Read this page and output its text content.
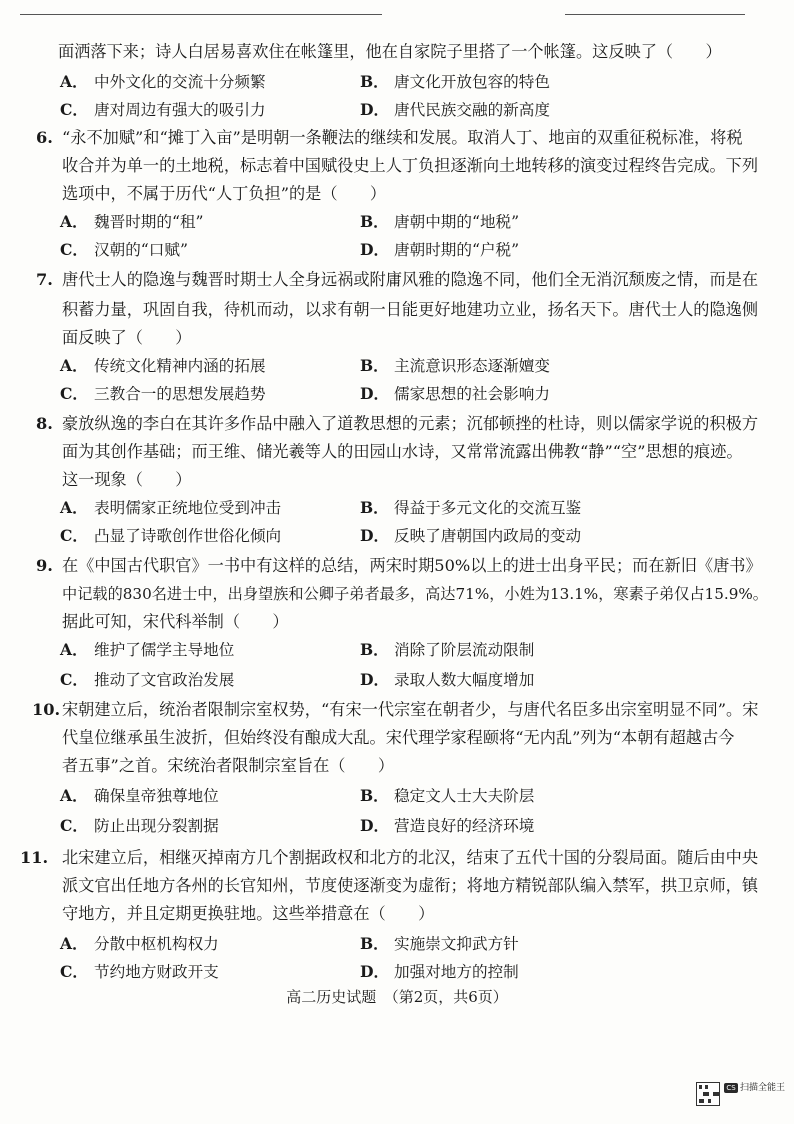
面洒落下来；诗人白居易喜欢住在帐篷里，他在自家院子里搭了一个帐篷。这反映了（　　）
A． 中外文化的交流十分频繁	B． 唐文化开放包容的特色
C． 唐对周边有强大的吸引力	D． 唐代民族交融的新高度
6. “永不加赋”和“摊丁入亩”是明朝一条鞭法的继续和发展。取消人丁、地亩的双重征税标准，将税
收合并为单一的土地税，标志着中国赋役史上人丁负担逐渐向土地转移的演变过程终告完成。下列
选项中，不属于历代“人丁负担”的是（　　）
A． 魏晋时期的“租”	B． 唐朝中期的“地税”
C． 汉朝的“口赋”	D． 唐朝时期的“户税”
7. 唐代士人的隐逸与魏晋时期士人全身远祸或附庸风雅的隐逸不同，他们全无消沉颓废之情，而是在
积蓄力量，巩固自我，待机而动，以求有朝一日能更好地建功立业，扬名天下。唐代士人的隐逸侧
面反映了（　　）
A． 传统文化精神内涵的拓展	B． 主流意识形态逐渐嬗变
C． 三教合一的思想发展趋势	D． 儒家思想的社会影响力
8. 豪放纵逸的李白在其许多作品中融入了道教思想的元素；沉郁顿挫的杜诗，则以儒家学说的积极方
面为其创作基础；而王维、储光羲等人的田园山水诗，又常常流露出佛教“静”“空”思想的痕迹。
这一现象（　　）
A． 表明儒家正统地位受到冲击	B． 得益于多元文化的交流互鉴
C． 凸显了诗歌创作世俗化倾向	D． 反映了唐朝国内政局的变动
9. 在《中国古代职官》一书中有这样的总结，两宋时期50%以上的进士出身平民；而在新旧《唐书》
中记载的830名进士中，出身望族和公卿子弟者最多，高达71%，小姓为13.1%，寒素子弟仅占15.9%。
据此可知，宋代科举制（　　）
A． 维护了儒学主导地位	B． 消除了阶层流动限制
C． 推动了文官政治发展	D． 录取人数大幅度增加
10. 宋朝建立后，统治者限制宗室权势，“有宋一代宗室在朝者少，与唐代名臣多出宗室明显不同”。宋
代皇位继承虽生波折，但始终没有酿成大乱。宋代理学家程颐将“无内乱”列为“本朝有超越古今
者五事”之首。宋统治者限制宗室旨在（　　）
A． 确保皇帝独尊地位	B． 稳定文人士大夫阶层
C． 防止出现分裂割据	D． 营造良好的经济环境
11. 北宋建立后，相继灭掉南方几个割据政权和北方的北汉，结束了五代十国的分裂局面。随后由中央
派文官出任地方各州的长官知州，节度使逐渐变为虚衔；将地方精锐部队编入禁军，拱卫京师，镇
守地方，并且定期更换驻地。这些举措意在（　　）
A． 分散中枢机构权力	B． 实施崇文抑武方针
C． 节约地方财政开支	D． 加强对地方的控制
高二历史试题　（第2页，共6页）
CS 扫描全能王
